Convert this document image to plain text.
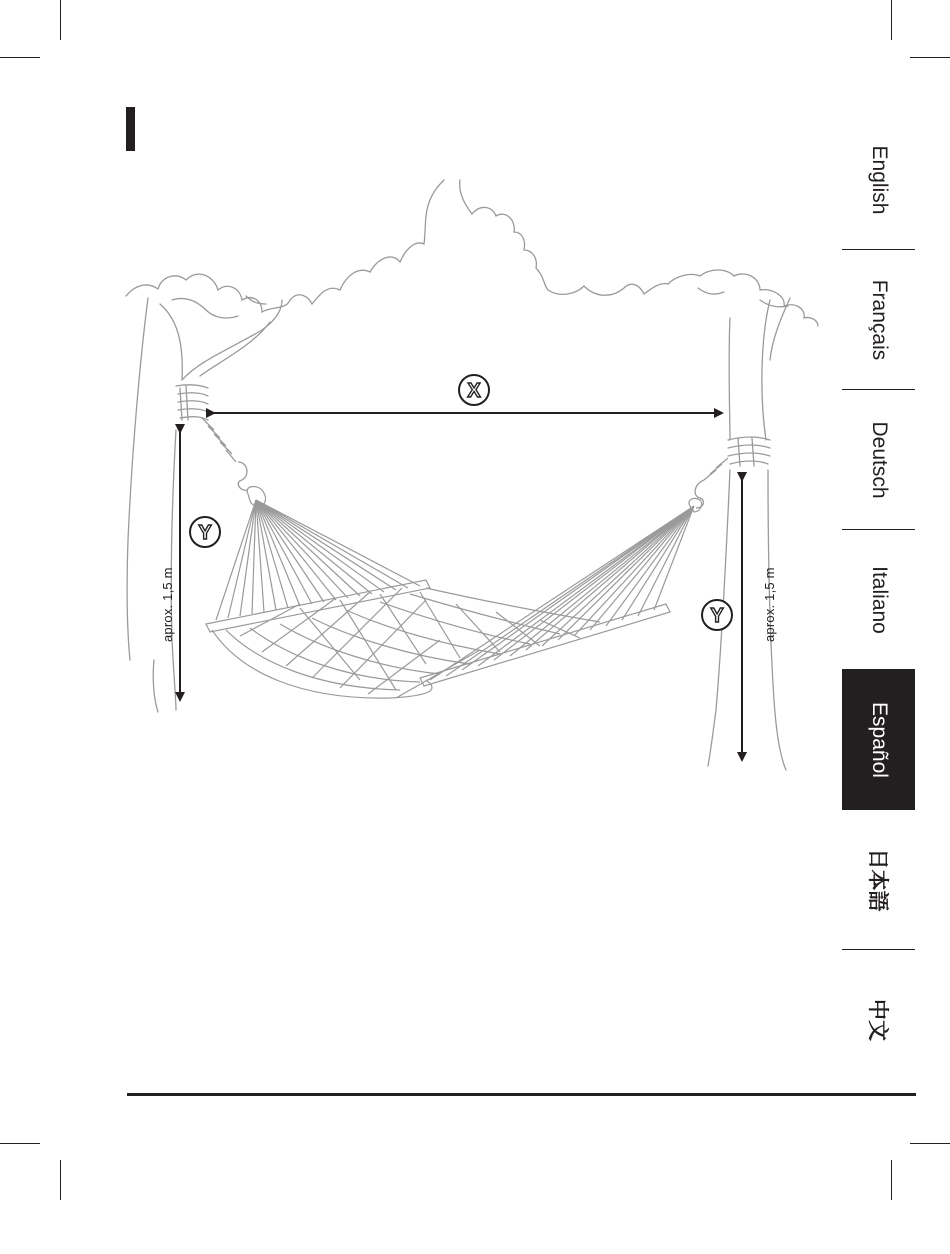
X
Y
Y
aprox. 1,5 m	aprox. 1,5 m
English
Français
Deutsch
Italiano
Español
日本語
中文
